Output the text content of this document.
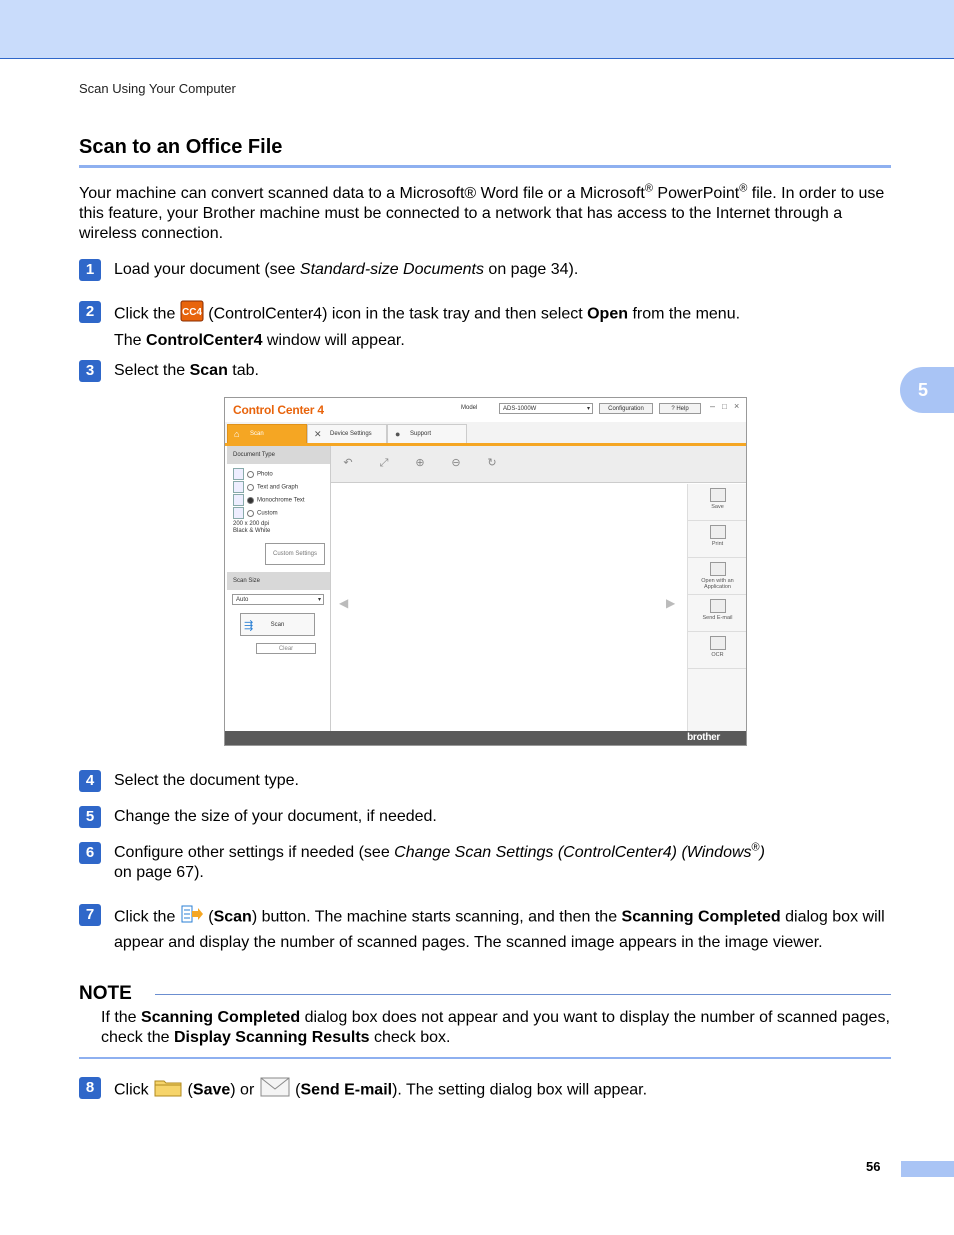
Scan Using Your Computer
Scan to an Office File
Your machine can convert scanned data to a Microsoft® Word file or a Microsoft® PowerPoint® file. In order to use this feature, your Brother machine must be connected to a network that has access to the Internet through a wireless connection.
5
1	Load your document (see Standard-size Documents on page 34).
2	Click the CC4 (ControlCenter4) icon in the task tray and then select Open from the menu.
The ControlCenter4 window will appear.
3	Select the Scan tab.
Control Center 4	Model	ADS-1000W	▾	Configuration	? Help	– □ ×
⌂ Scan	✕ Device Settings	● Support
Document Type
Photo
Text and Graph
Monochrome Text
Custom
200 x 200 dpi
Black & White
Custom Settings
Scan Size
Auto	▾
⇶	Scan
Clear
↶ ⤢ ⊕ ⊖ ↻
◀	▶
Save
Print
Open with an Application
Send E-mail
OCR
brother
4	Select the document type.
5	Change the size of your document, if needed.
6	Configure other settings if needed (see Change Scan Settings (ControlCenter4) (Windows®)
on page 67).
7	Click the  (Scan) button. The machine starts scanning, and then the Scanning Completed dialog box will appear and display the number of scanned pages. The scanned image appears in the image viewer.
NOTE
If the Scanning Completed dialog box does not appear and you want to display the number of scanned pages, check the Display Scanning Results check box.
8	Click  (Save) or  (Send E-mail). The setting dialog box will appear.
56
